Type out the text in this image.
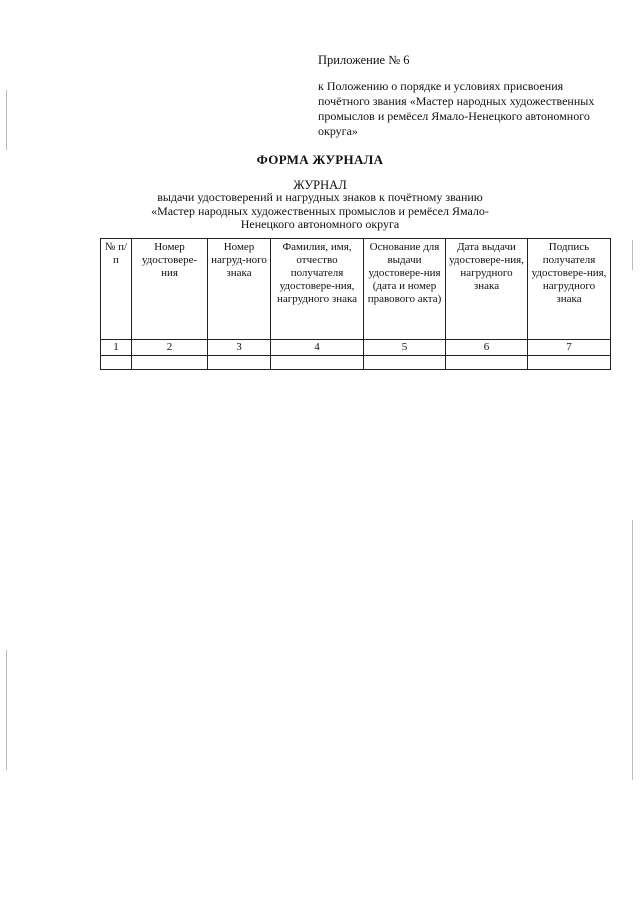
Приложение № 6
к Положению о порядке и условиях присвоения почётного звания «Мастер народных художественных промыслов и ремёсел Ямало-Ненецкого автономного округа»
ФОРМА ЖУРНАЛА
ЖУРНАЛ
выдачи удостоверений и нагрудных знаков к почётному званию «Мастер народных художественных промыслов и ремёсел Ямало-Ненецкого автономного округа
№ п/п	Номер удостовере-ния	Номер нагруд-ного знака	Фамилия, имя, отчество получателя удостовере-ния, нагрудного знака	Основание для выдачи удостовере-ния (дата и номер правового акта)	Дата выдачи удостовере-ния, нагрудного знака	Подпись получателя удостовере-ния, нагрудного знака
1	2	3	4	5	6	7
